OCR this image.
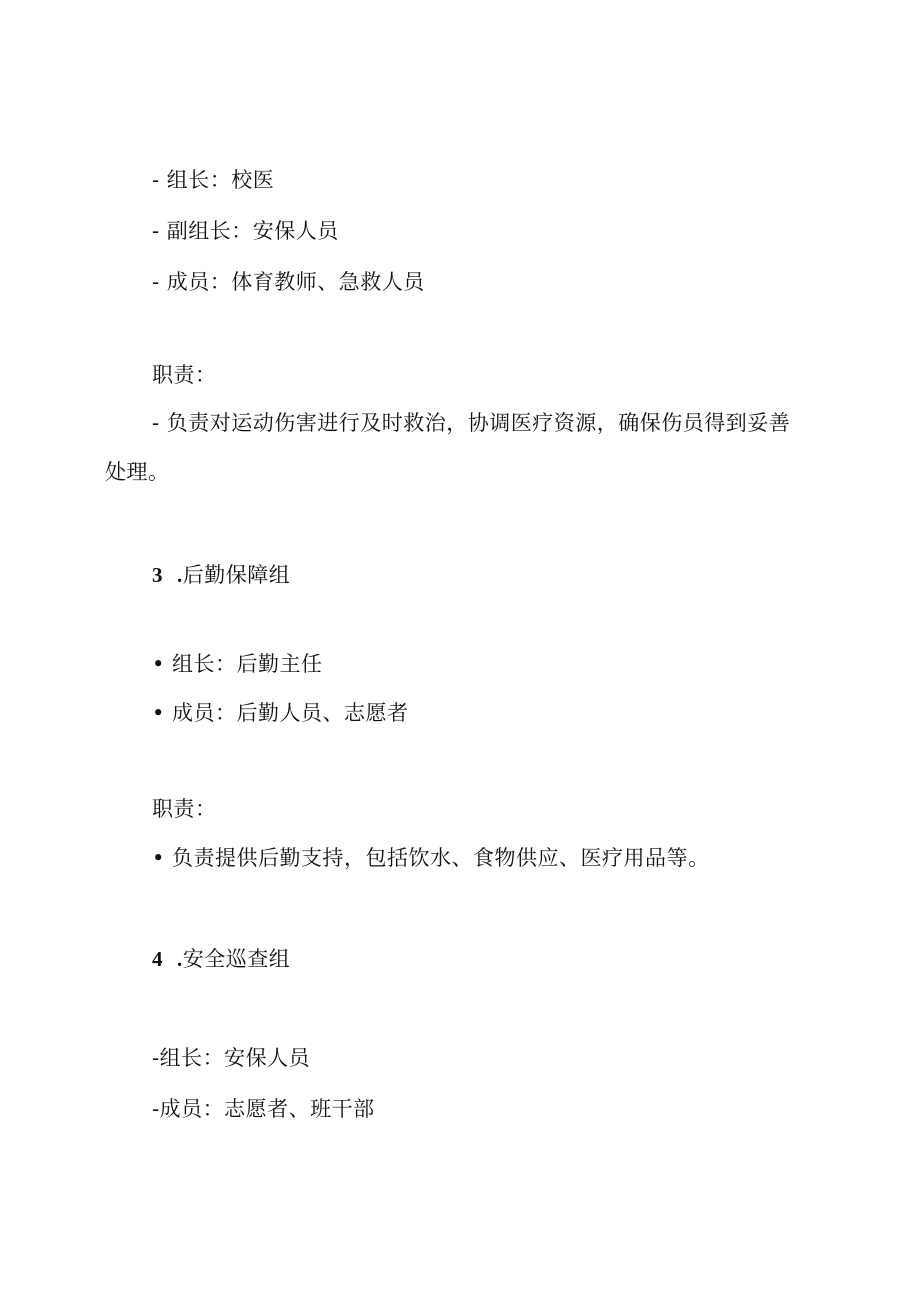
- 组长：校医
- 副组长：安保人员
- 成员：体育教师、急救人员
职责：
- 负责对运动伤害进行及时救治，协调医疗资源，确保伤员得到妥善
处理。
3 .后勤保障组
• 组长：后勤主任
• 成员：后勤人员、志愿者
职责：
• 负责提供后勤支持，包括饮水、食物供应、医疗用品等。
4 .安全巡查组
-组长：安保人员
-成员：志愿者、班干部
